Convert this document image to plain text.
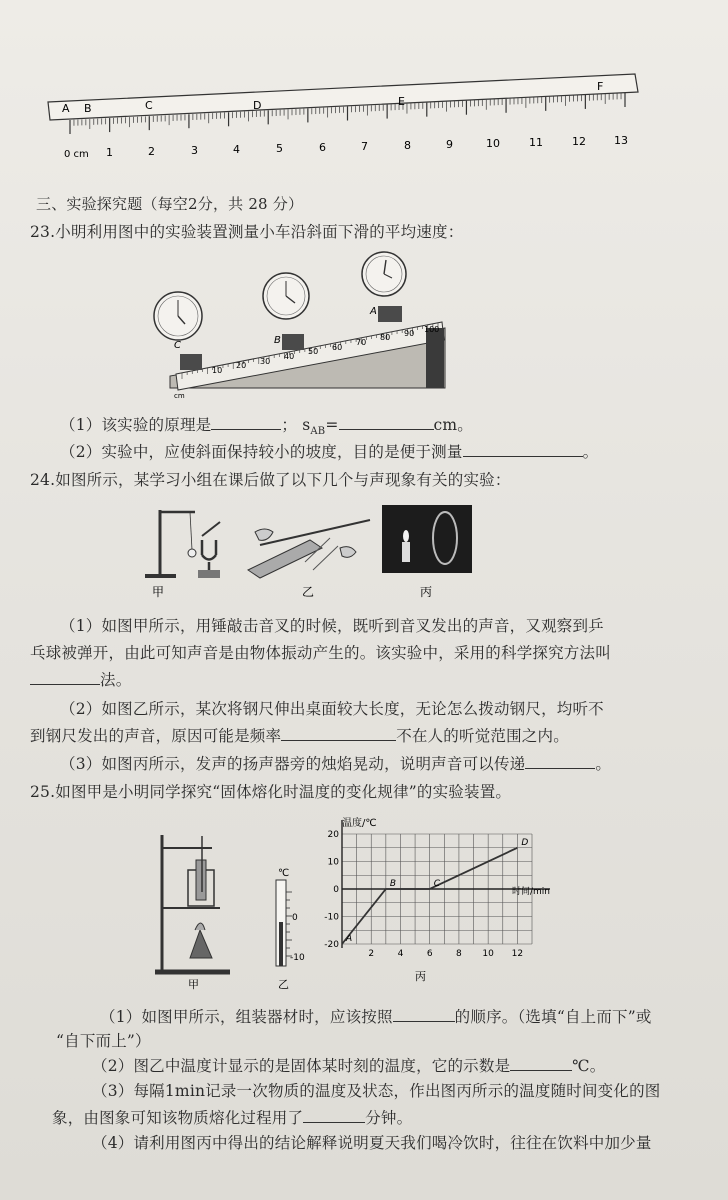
A B	C	D	E
F
0 cm 1	2	3	4	5	6	7	8	9	10	11	12	13
三、实验探究题（每空2分，共 28 分）
23.小明利用图中的实验装置测量小车沿斜面下滑的平均速度：
10
20 30
40
50 60
70
80 90 100
cm
C	B
A
（1）该实验的原理是	； $s_{AB}=$	cm。
（2）实验中，应使斜面保持较小的坡度，目的是便于测量	。
24.如图所示，某学习小组在课后做了以下几个与声现象有关的实验：
甲	乙	丙
（1）如图甲所示，用锤敲击音叉的时候，既听到音叉发出的声音，又观察到乒
乓球被弹开，由此可知声音是由物体振动产生的。该实验中，采用的科学探究方法叫
法。
（2）如图乙所示，某次将钢尺伸出桌面较大长度，无论怎么拨动钢尺，均听不
到钢尺发出的声音，原因可能是频率	不在人的听觉范围之内。
（3）如图丙所示，发声的扬声器旁的烛焰晃动，说明声音可以传递	。
25.如图甲是小明同学探究“固体熔化时温度的变化规律”的实验装置。
甲
℃
0
-10
乙
温度/℃
时间/min
20
10
0
-10
-20
2	4	6	8 10 12
A
B	C
D
丙
（1）如图甲所示，组装器材时，应该按照	的顺序。（选填“自上而下”或
“自下而上”）
（2）图乙中温度计显示的是固体某时刻的温度，它的示数是	℃。
（3）每隔1min记录一次物质的温度及状态，作出图丙所示的温度随时间变化的图
象，由图象可知该物质熔化过程用了	分钟。
（4）请利用图丙中得出的结论解释说明夏天我们喝冷饮时，往往在饮料中加少量
